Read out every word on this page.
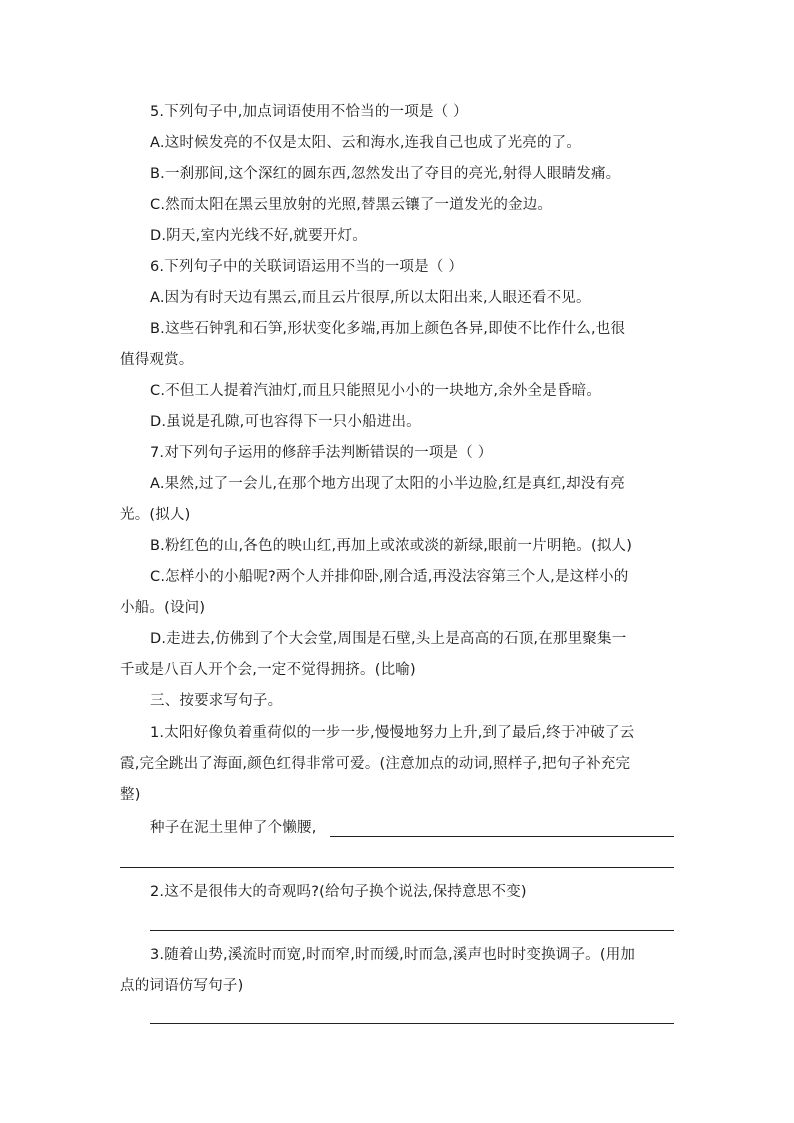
5.下列句子中,加点词语使用不恰当的一项是（ ）
A.这时候发亮的不仅是太阳、云和海水,连我自己也成了光亮的了。
B.一刹那间,这个深红的圆东西,忽然发出了夺目的亮光,射得人眼睛发痛。
C.然而太阳在黑云里放射的光照,替黑云镶了一道发光的金边。
D.阴天,室内光线不好,就要开灯。
6.下列句子中的关联词语运用不当的一项是（ ）
A.因为有时天边有黑云,而且云片很厚,所以太阳出来,人眼还看不见。
B.这些石钟乳和石笋,形状变化多端,再加上颜色各异,即使不比作什么,也很
值得观赏。
C.不但工人提着汽油灯,而且只能照见小小的一块地方,余外全是昏暗。
D.虽说是孔隙,可也容得下一只小船进出。
7.对下列句子运用的修辞手法判断错误的一项是（ ）
A.果然,过了一会儿,在那个地方出现了太阳的小半边脸,红是真红,却没有亮
光。(拟人)
B.粉红色的山,各色的映山红,再加上或浓或淡的新绿,眼前一片明艳。(拟人)
C.怎样小的小船呢?两个人并排仰卧,刚合适,再没法容第三个人,是这样小的
小船。(设问)
D.走进去,仿佛到了个大会堂,周围是石壁,头上是高高的石顶,在那里聚集一
千或是八百人开个会,一定不觉得拥挤。(比喻)
三、按要求写句子。
1.太阳好像负着重荷似的一步一步,慢慢地努力上升,到了最后,终于冲破了云
霞,完全跳出了海面,颜色红得非常可爱。(注意加点的动词,照样子,把句子补充完
整)
种子在泥土里伸了个懒腰,
2.这不是很伟大的奇观吗?(给句子换个说法,保持意思不变)
3.随着山势,溪流时而宽,时而窄,时而缓,时而急,溪声也时时变换调子。(用加
点的词语仿写句子)
